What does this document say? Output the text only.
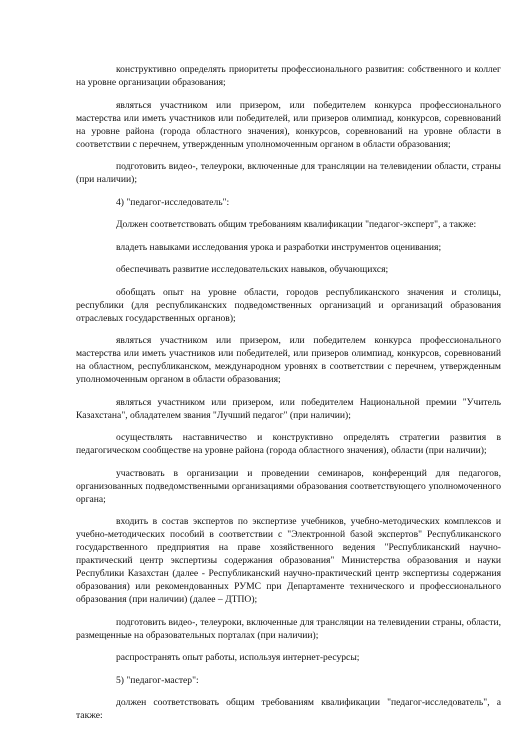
конструктивно определять приоритеты профессионального развития: собственного и коллег на уровне организации образования;

являться участником или призером, или победителем конкурса профессионального мастерства или иметь участников или победителей, или призеров олимпиад, конкурсов, соревнований на уровне района (города областного значения), конкурсов, соревнований на уровне области в соответствии с перечнем, утвержденным уполномоченным органом в области образования;

подготовить видео-, телеуроки, включенные для трансляции на телевидении области, страны (при наличии);

4) "педагог-исследователь":

Должен соответствовать общим требованиям квалификации "педагог-эксперт", а также:

владеть навыками исследования урока и разработки инструментов оценивания;

обеспечивать развитие исследовательских навыков, обучающихся;

обобщать опыт на уровне области, городов республиканского значения и столицы, республики (для республиканских подведомственных организаций и организаций образования отраслевых государственных органов);

являться участником или призером, или победителем конкурса профессионального мастерства или иметь участников или победителей, или призеров олимпиад, конкурсов, соревнований на областном, республиканском, международном уровнях в соответствии с перечнем, утвержденным уполномоченным органом в области образования;

являться участником или призером, или победителем Национальной премии "Учитель Казахстана", обладателем звания "Лучший педагог" (при наличии);

осуществлять наставничество и конструктивно определять стратегии развития в педагогическом сообществе на уровне района (города областного значения), области (при наличии);

участвовать в организации и проведении семинаров, конференций для педагогов, организованных подведомственными организациями образования соответствующего уполномоченного органа;

входить в состав экспертов по экспертизе учебников, учебно-методических комплексов и учебно-методических пособий в соответствии с "Электронной базой экспертов" Республиканского государственного предприятия на праве хозяйственного ведения "Республиканский научно-практический центр экспертизы содержания образования" Министерства образования и науки Республики Казахстан (далее - Республиканский научно-практический центр экспертизы содержания образования) или рекомендованных РУМС при Департаменте технического и профессионального образования (при наличии) (далее – ДТПО);

подготовить видео-, телеуроки, включенные для трансляции на телевидении страны, области, размещенные на образовательных порталах (при наличии);

распространять опыт работы, используя интернет-ресурсы;

5) "педагог-мастер":

должен соответствовать общим требованиям квалификации "педагог-исследователь", а также:
